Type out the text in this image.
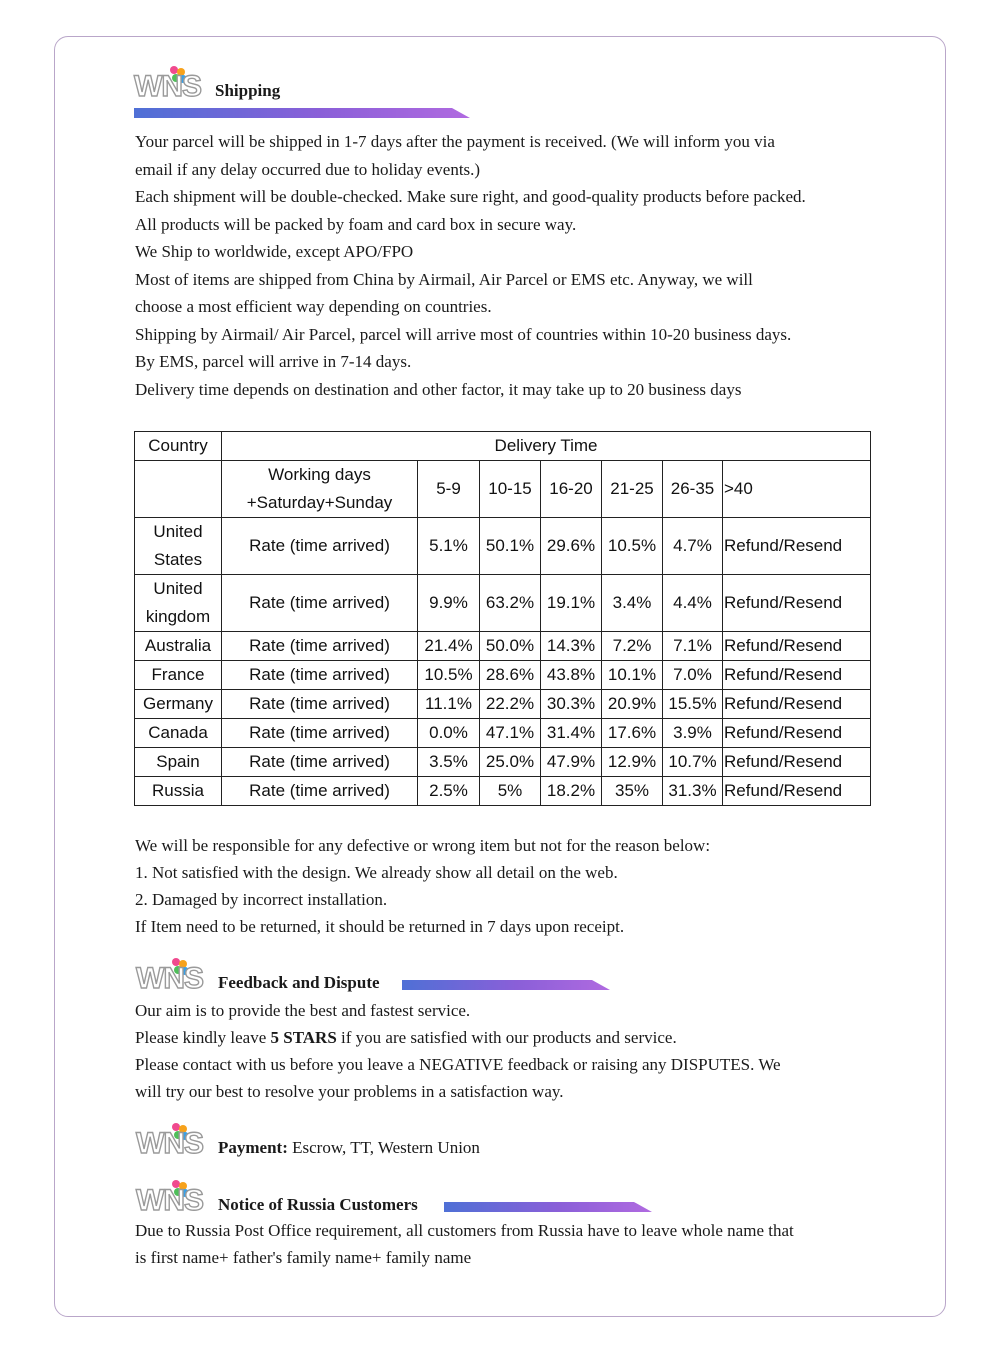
WNS Shipping

Your parcel will be shipped in 1-7 days after the payment is received. (We will inform you via

email if any delay occurred due to holiday events.)

Each shipment will be double-checked. Make sure right, and good-quality products before packed.

All products will be packed by foam and card box in secure way.

We Ship to worldwide, except APO/FPO

Most of items are shipped from China by Airmail, Air Parcel or EMS etc. Anyway, we will

choose a most efficient way depending on countries.

Shipping by Airmail/ Air Parcel, parcel will arrive most of countries within 10-20 business days.

By EMS, parcel will arrive in 7-14 days.

Delivery time depends on destination and other factor, it may take up to 20 business days

Country	Delivery Time						

	Working days
+Saturday+Sunday	5-9	10-15	16-20	21-25	26-35	>40

United
States	Rate (time arrived)	5.1%	50.1%	29.6%	10.5%	4.7%	Refund/Resend

United
kingdom	Rate (time arrived)	9.9%	63.2%	19.1%	3.4%	4.4%	Refund/Resend
Australia	Rate (time arrived)	21.4%	50.0%	14.3%	7.2%	7.1%	Refund/Resend
France	Rate (time arrived)	10.5%	28.6%	43.8%	10.1%	7.0%	Refund/Resend
Germany	Rate (time arrived)	11.1%	22.2%	30.3%	20.9%	15.5%	Refund/Resend
Canada	Rate (time arrived)	0.0%	47.1%	31.4%	17.6%	3.9%	Refund/Resend
Spain	Rate (time arrived)	3.5%	25.0%	47.9%	12.9%	10.7%	Refund/Resend
Russia	Rate (time arrived)	2.5%	5%	18.2%	35%	31.3%	Refund/Resend

We will be responsible for any defective or wrong item but not for the reason below:

1. Not satisfied with the design. We already show all detail on the web.

2. Damaged by incorrect installation.

If Item need to be returned, it should be returned in 7 days upon receipt.

WNS Feedback and Dispute

Our aim is to provide the best and fastest service.

Please kindly leave 5 STARS if you are satisfied with our products and service.

Please contact with us before you leave a NEGATIVE feedback or raising any DISPUTES. We

will try our best to resolve your problems in a satisfaction way.

WNS Payment: Escrow, TT, Western Union
WNS Notice of Russia Customers

Due to Russia Post Office requirement, all customers from Russia have to leave whole name that

is first name+ father's family name+ family name
